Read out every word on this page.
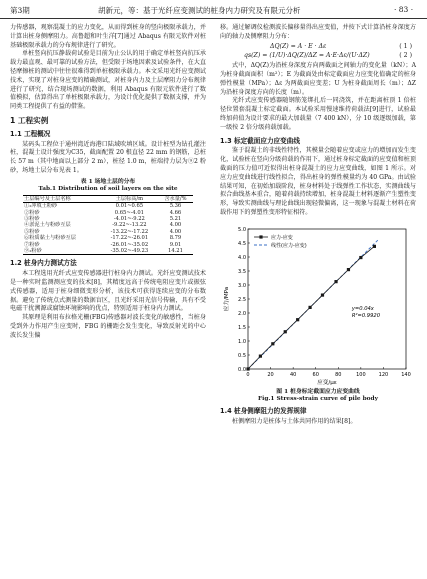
第3期	胡新元，等：基于光纤应变测试的桩身内力研究及有限元分析	· 83 ·

力传感器，观察混凝土的应力变化，从而得到桩身的竖向极限承载力，并计算出桩身侧摩阻力。高鲁超和叶生洋[7]通过 Abaqus 有限元软件对桩基础极限承载力的分布规律进行了研究。

单桩竖向抗压静载荷试验是目前为止公认的用于确定单桩竖向抗压承载力最直观、最可靠的试验方法，但受限于场地因素及试验条件，在大直径摩擦桩的测试中往往很难得到单桩极限承载力。本文采用光纤应变测试技术，实现了对桩身应变的精确测试，对桩身内力及土层摩阻力分布规律进行了研究，结合现场测试的数据，利用 Abaqus 有限元软件进行了数值模拟，估算得出了单桩极限承载力，为设计优化提供了数据支撑，并为同类工程提供了有益的借鉴。

1 工程实例
1.1 工程概况

某码头工程位于通州湾近海港口陆域吹填区域。设计桩型为钻孔灌注桩，混凝土设计强度为C35，截面配置 20 根直径 22 mm 的钢筋，总桩长 57 m（其中地面以上部分 2 m），桩径 1.0 m，桩端持力层为⑨2 粉砂，场地土层分布见表 1。

表 1 场地土层的分布
Tab.1 Distribution of soil layers on the site
土层编号及土层名称	土层标高/m	含水量/%
①₂冲填土粉砂	0.01~0.65	5.36
②粉砂	0.65~-4.01	4.66
③粉砂	-4.01~-9.22	5.21
④淤泥土与粉砂互层	-9.22~-13.22	4.00
⑤粉砂	-13.22~-17.22	4.00
⑥粉质黏土与粉砂互层	-17.22~-26.01	8.79
⑦粉砂	-26.01~-35.02	9.01
⑨₂粉砂	-35.02~-49.23	14.21
1.2 桩身内力测试方法

本工程选用光纤式应变传感器进行桩身内力测试。光纤应变测试技术是一种实时监测测应变的技术[8]，其精度远高于传统电阻应变片或振弦式传感器，适用于桩身细微变形分析，该技术可获得连续应变的分布数据。避免了传统点式测量的数据盲区，且光纤采用光信号传输，具有不受电磁干扰溯源或腐蚀环境影响的优点，特别适用于桩身内力测试。

其原理是利用布拉格光栅(FBG)传感器对波长变化的敏感性，当桩身受到外力作用产生应变时，FBG 的栅距会发生变化，导致反射光的中心波长发生偏

移。通过解调仪检测波长偏移量得出应变值，并按下式计算沿桩身深度方向的轴力及侧摩阻力分布：

ΔQ(Z) = A · E · Δε	( 1 )
qs(Z) = (1/U)·ΔQ(Z)/ΔZ = A·E·Δε/(U·ΔZ)	( 2 )

式中，ΔQ(Z)为沿桩身深度方向两截面之间轴力的变化量（kN）；A 为桩身截面面积（m²）；E 为截面处由标定截面应力应变化值确定的桩身弹性模量（MPa）；Δε 为两截面应变差；U 为桩身截面周长（m）；ΔZ 为沿桩身深度方向的长度（m）。

光纤式应变传感器随钢筋笼绑扎后一同浇筑，并在距离桩顶 1 倍桩径位置套混凝土标定截面。本试验采用慢速维持荷载法[9]进行，试验最终加荷值为设计要求的最大加载量（7 400 kN），分 10 级逐级加载，第一级按 2 倍分级荷载加载。

1.3 标定截面应力应变曲线

鉴于混凝土的非线性特性，其模量会随着应变或应力的增加而发生变化，试验桩在竖向分级荷载的作用下，通过桩身标定截面的应变值和桩顶截面的压力值可近似得出桩身混凝土的应力应变曲线，如图 1 所示。对应力应变曲线进行线性拟合，得出桩身的弹性模量约为 40 GPa。由试验结果可知，在初始加载阶段，桩身材料处于线弹性工作状态，实测曲线与拟合曲线基本重合，随着荷载持续增加，桩身混凝土材料逐渐产生塑性变形，导致实测曲线与理论曲线出现轻微偏离，这一现象与混凝土材料在荷载作用下的弹塑性变形特征相符。

0	20	40	60	80	100	120	140
0.0
0.5
1.0
1.5
2.0
2.5
3.0
3.5
4.0
4.5
5.0
应变/με
应力/MPa
应力-应变
线性(应力-应变)
y=0.04x
R²=0.9920
图 1 桩身标定截面应力应变曲线
Fig.1 Stress-strain curve of pile body
1.4 桩身侧摩阻力的发挥规律

桩侧摩阻力是桩体与土体共同作用的结果[8]。
